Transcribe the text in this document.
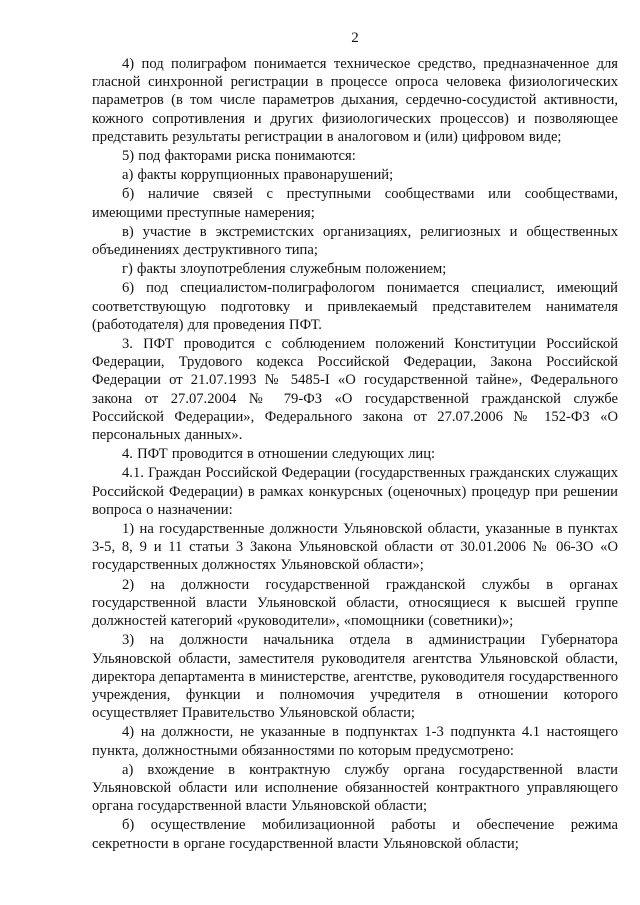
2

4) под полиграфом понимается техническое средство, предназначенное для гласной синхронной регистрации в процессе опроса человека физиологических параметров (в том числе параметров дыхания, сердечно-сосудистой активности, кожного сопротивления и других физиологических процессов) и позволяющее представить результаты регистрации в аналоговом и (или) цифровом виде;

5) под факторами риска понимаются:

а) факты коррупционных правонарушений;

б) наличие связей с преступными сообществами или сообществами, имеющими преступные намерения;

в) участие в экстремистских организациях, религиозных и общественных объединениях деструктивного типа;

г) факты злоупотребления служебным положением;

6) под специалистом-полиграфологом понимается специалист, имеющий соответствующую подготовку и привлекаемый представителем нанимателя (работодателя) для проведения ПФТ.

3. ПФТ проводится с соблюдением положений Конституции Российской Федерации, Трудового кодекса Российской Федерации, Закона Российской Федерации от 21.07.1993 № 5485-I «О государственной тайне», Федерального закона от 27.07.2004 № 79-ФЗ «О государственной гражданской службе Российской Федерации», Федерального закона от 27.07.2006 № 152-ФЗ «О персональных данных».

4. ПФТ проводится в отношении следующих лиц:

4.1. Граждан Российской Федерации (государственных гражданских служащих Российской Федерации) в рамках конкурсных (оценочных) процедур при решении вопроса о назначении:

1) на государственные должности Ульяновской области, указанные в пунктах 3-5, 8, 9 и 11 статьи 3 Закона Ульяновской области от 30.01.2006 № 06-ЗО «О государственных должностях Ульяновской области»;

2) на должности государственной гражданской службы в органах государственной власти Ульяновской области, относящиеся к высшей группе должностей категорий «руководители», «помощники (советники)»;

3) на должности начальника отдела в администрации Губернатора Ульяновской области, заместителя руководителя агентства Ульяновской области, директора департамента в министерстве, агентстве, руководителя государственного учреждения, функции и полномочия учредителя в отношении которого осуществляет Правительство Ульяновской области;

4) на должности, не указанные в подпунктах 1-3 подпункта 4.1 настоящего пункта, должностными обязанностями по которым предусмотрено:

а) вхождение в контрактную службу органа государственной власти Ульяновской области или исполнение обязанностей контрактного управляющего органа государственной власти Ульяновской области;

б) осуществление мобилизационной работы и обеспечение режима секретности в органе государственной власти Ульяновской области;
